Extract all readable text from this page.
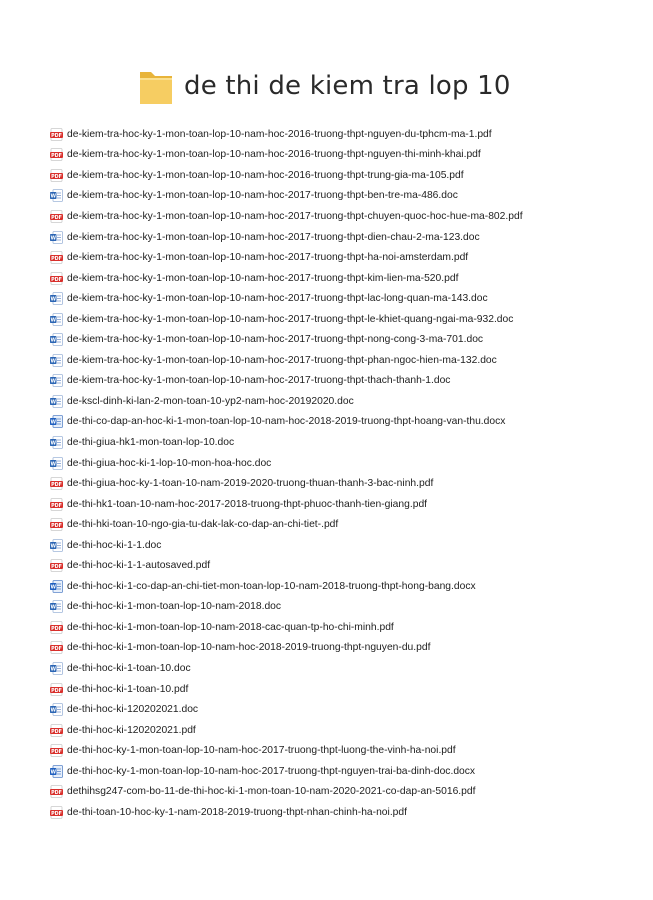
de thi de kiem tra lop 10
PDF de-kiem-tra-hoc-ky-1-mon-toan-lop-10-nam-hoc-2016-truong-thpt-nguyen-du-tphcm-ma-1.pdf
PDF de-kiem-tra-hoc-ky-1-mon-toan-lop-10-nam-hoc-2016-truong-thpt-nguyen-thi-minh-khai.pdf
PDF de-kiem-tra-hoc-ky-1-mon-toan-lop-10-nam-hoc-2016-truong-thpt-trung-gia-ma-105.pdf
W de-kiem-tra-hoc-ky-1-mon-toan-lop-10-nam-hoc-2017-truong-thpt-ben-tre-ma-486.doc
PDF de-kiem-tra-hoc-ky-1-mon-toan-lop-10-nam-hoc-2017-truong-thpt-chuyen-quoc-hoc-hue-ma-802.pdf
W de-kiem-tra-hoc-ky-1-mon-toan-lop-10-nam-hoc-2017-truong-thpt-dien-chau-2-ma-123.doc
PDF de-kiem-tra-hoc-ky-1-mon-toan-lop-10-nam-hoc-2017-truong-thpt-ha-noi-amsterdam.pdf
PDF de-kiem-tra-hoc-ky-1-mon-toan-lop-10-nam-hoc-2017-truong-thpt-kim-lien-ma-520.pdf
W de-kiem-tra-hoc-ky-1-mon-toan-lop-10-nam-hoc-2017-truong-thpt-lac-long-quan-ma-143.doc
W de-kiem-tra-hoc-ky-1-mon-toan-lop-10-nam-hoc-2017-truong-thpt-le-khiet-quang-ngai-ma-932.doc
W de-kiem-tra-hoc-ky-1-mon-toan-lop-10-nam-hoc-2017-truong-thpt-nong-cong-3-ma-701.doc
W de-kiem-tra-hoc-ky-1-mon-toan-lop-10-nam-hoc-2017-truong-thpt-phan-ngoc-hien-ma-132.doc
W de-kiem-tra-hoc-ky-1-mon-toan-lop-10-nam-hoc-2017-truong-thpt-thach-thanh-1.doc
W de-kscl-dinh-ki-lan-2-mon-toan-10-yp2-nam-hoc-20192020.doc
W de-thi-co-dap-an-hoc-ki-1-mon-toan-lop-10-nam-hoc-2018-2019-truong-thpt-hoang-van-thu.docx
W de-thi-giua-hk1-mon-toan-lop-10.doc
W de-thi-giua-hoc-ki-1-lop-10-mon-hoa-hoc.doc
PDF de-thi-giua-hoc-ky-1-toan-10-nam-2019-2020-truong-thuan-thanh-3-bac-ninh.pdf
PDF de-thi-hk1-toan-10-nam-hoc-2017-2018-truong-thpt-phuoc-thanh-tien-giang.pdf
PDF de-thi-hki-toan-10-ngo-gia-tu-dak-lak-co-dap-an-chi-tiet-.pdf
W de-thi-hoc-ki-1-1.doc
PDF de-thi-hoc-ki-1-1-autosaved.pdf
W de-thi-hoc-ki-1-co-dap-an-chi-tiet-mon-toan-lop-10-nam-2018-truong-thpt-hong-bang.docx
W de-thi-hoc-ki-1-mon-toan-lop-10-nam-2018.doc
PDF de-thi-hoc-ki-1-mon-toan-lop-10-nam-2018-cac-quan-tp-ho-chi-minh.pdf
PDF de-thi-hoc-ki-1-mon-toan-lop-10-nam-hoc-2018-2019-truong-thpt-nguyen-du.pdf
W de-thi-hoc-ki-1-toan-10.doc
PDF de-thi-hoc-ki-1-toan-10.pdf
W de-thi-hoc-ki-120202021.doc
PDF de-thi-hoc-ki-120202021.pdf
PDF de-thi-hoc-ky-1-mon-toan-lop-10-nam-hoc-2017-truong-thpt-luong-the-vinh-ha-noi.pdf
W de-thi-hoc-ky-1-mon-toan-lop-10-nam-hoc-2017-truong-thpt-nguyen-trai-ba-dinh-doc.docx
PDF dethihsg247-com-bo-11-de-thi-hoc-ki-1-mon-toan-10-nam-2020-2021-co-dap-an-5016.pdf
PDF de-thi-toan-10-hoc-ky-1-nam-2018-2019-truong-thpt-nhan-chinh-ha-noi.pdf
